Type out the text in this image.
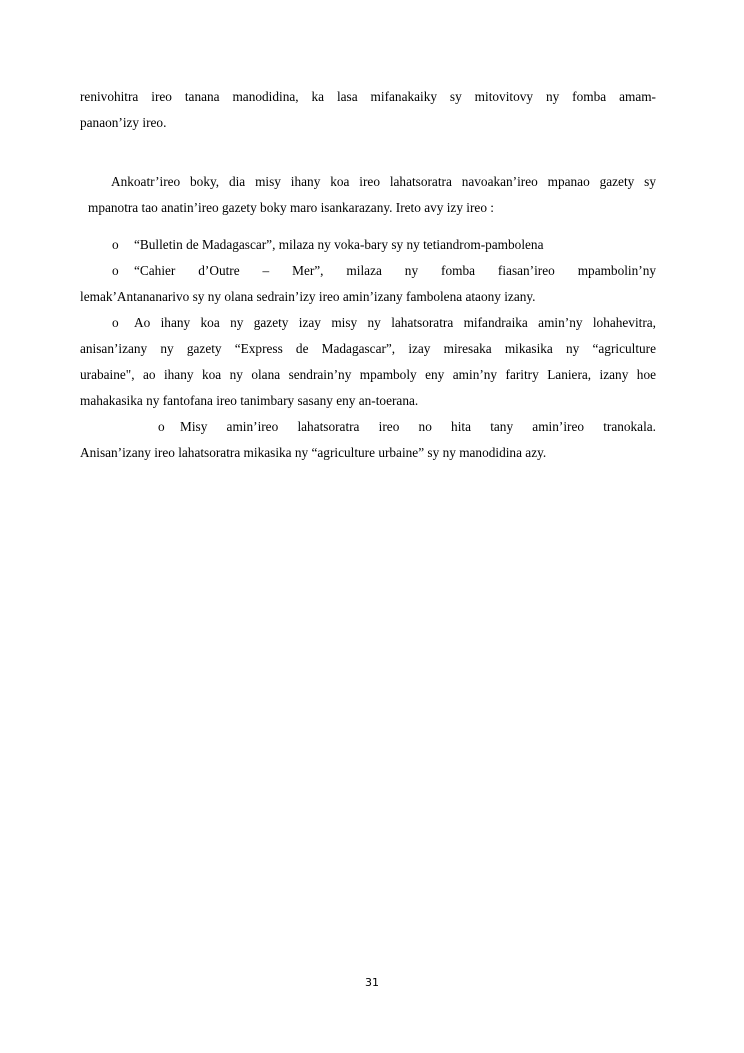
renivohitra ireo tanana manodidina, ka lasa mifanakaiky sy mitovitovy ny fomba amam-
panaon’izy ireo.
Ankoatr’ireo boky, dia misy ihany koa ireo lahatsoratra navoakan’ireo mpanao gazety sy
mpanotra tao anatin’ireo gazety boky maro isankarazany. Ireto avy izy ireo :
o “Bulletin de Madagascar”, milaza ny voka-bary sy ny tetiandrom-pambolena
o “Cahier d’Outre – Mer”, milaza ny fomba fiasan’ireo mpambolin’ny
lemak’Antananarivo sy ny olana sedrain’izy ireo amin’izany fambolena ataony izany.
o Ao ihany koa ny gazety izay misy ny lahatsoratra mifandraika amin’ny lohahevitra,
anisan’izany ny gazety “Express de Madagascar”, izay miresaka mikasika ny “agriculture
urabaine", ao ihany koa ny olana sendrain’ny mpamboly eny amin’ny faritry Laniera, izany hoe
mahakasika ny fantofana ireo tanimbary sasany eny an-toerana.
o Misy amin’ireo lahatsoratra ireo no hita tany amin’ireo tranokala.
Anisan’izany ireo lahatsoratra mikasika ny “agriculture urbaine” sy ny manodidina azy.
31
